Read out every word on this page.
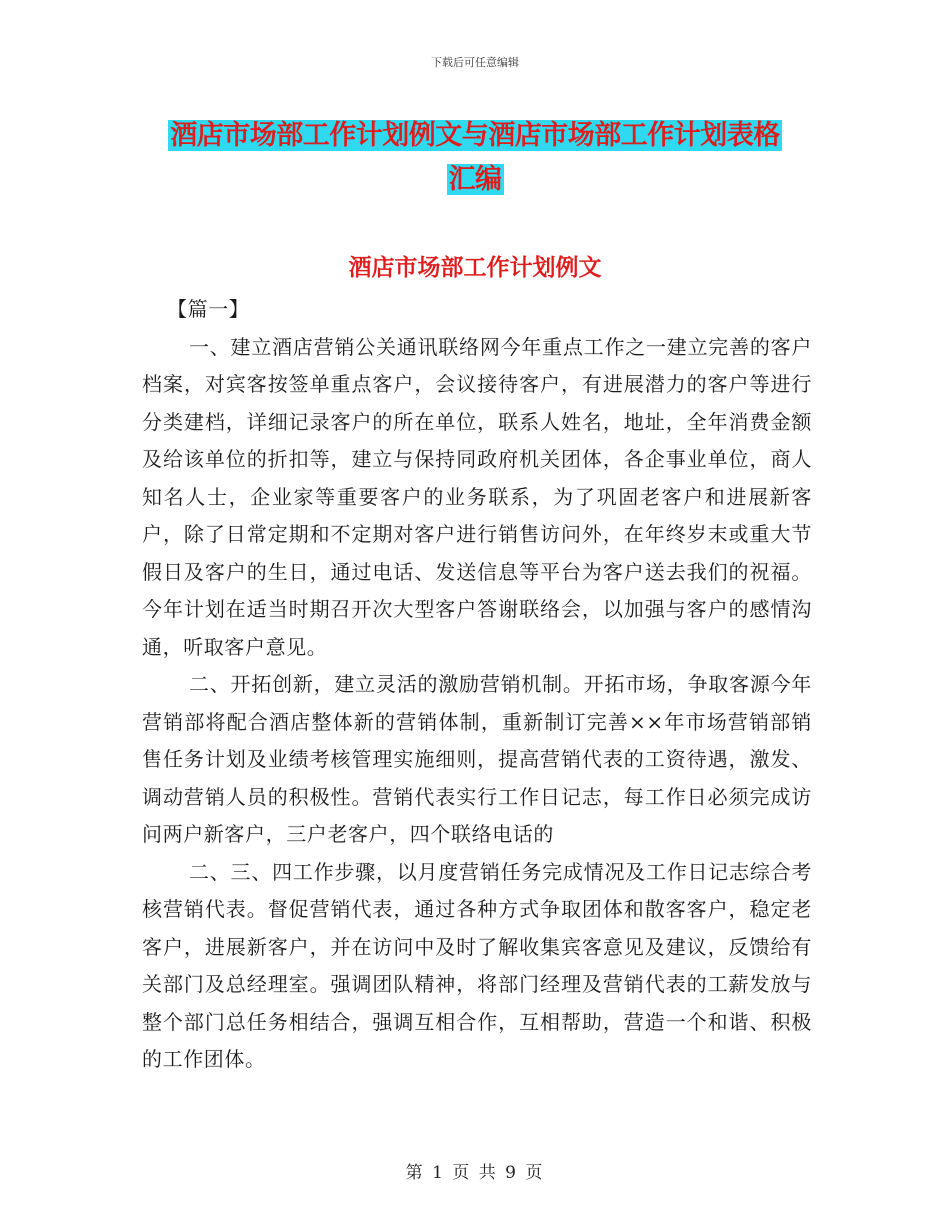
下载后可任意编辑
酒店市场部工作计划例文与酒店市场部工作计划表格
汇编
酒店市场部工作计划例文

【篇一】

一、建立酒店营销公关通讯联络网今年重点工作之一建立完善的客户档案，对宾客按签单重点客户，会议接待客户，有进展潜力的客户等进行分类建档，详细记录客户的所在单位，联系人姓名，地址，全年消费金额及给该单位的折扣等，建立与保持同政府机关团体，各企事业单位，商人知名人士，企业家等重要客户的业务联系，为了巩固老客户和进展新客户，除了日常定期和不定期对客户进行销售访问外，在年终岁末或重大节假日及客户的生日，通过电话、发送信息等平台为客户送去我们的祝福。今年计划在适当时期召开次大型客户答谢联络会，以加强与客户的感情沟通，听取客户意见。

二、开拓创新，建立灵活的激励营销机制。开拓市场，争取客源今年营销部将配合酒店整体新的营销体制，重新制订完善××年市场营销部销售任务计划及业绩考核管理实施细则，提高营销代表的工资待遇，激发、调动营销人员的积极性。营销代表实行工作日记志，每工作日必须完成访问两户新客户，三户老客户，四个联络电话的

二、三、四工作步骤，以月度营销任务完成情况及工作日记志综合考核营销代表。督促营销代表，通过各种方式争取团体和散客客户，稳定老客户，进展新客户，并在访问中及时了解收集宾客意见及建议，反馈给有关部门及总经理室。强调团队精神，将部门经理及营销代表的工薪发放与整个部门总任务相结合，强调互相合作，互相帮助，营造一个和谐、积极的工作团体。

第 1 页 共 9 页
